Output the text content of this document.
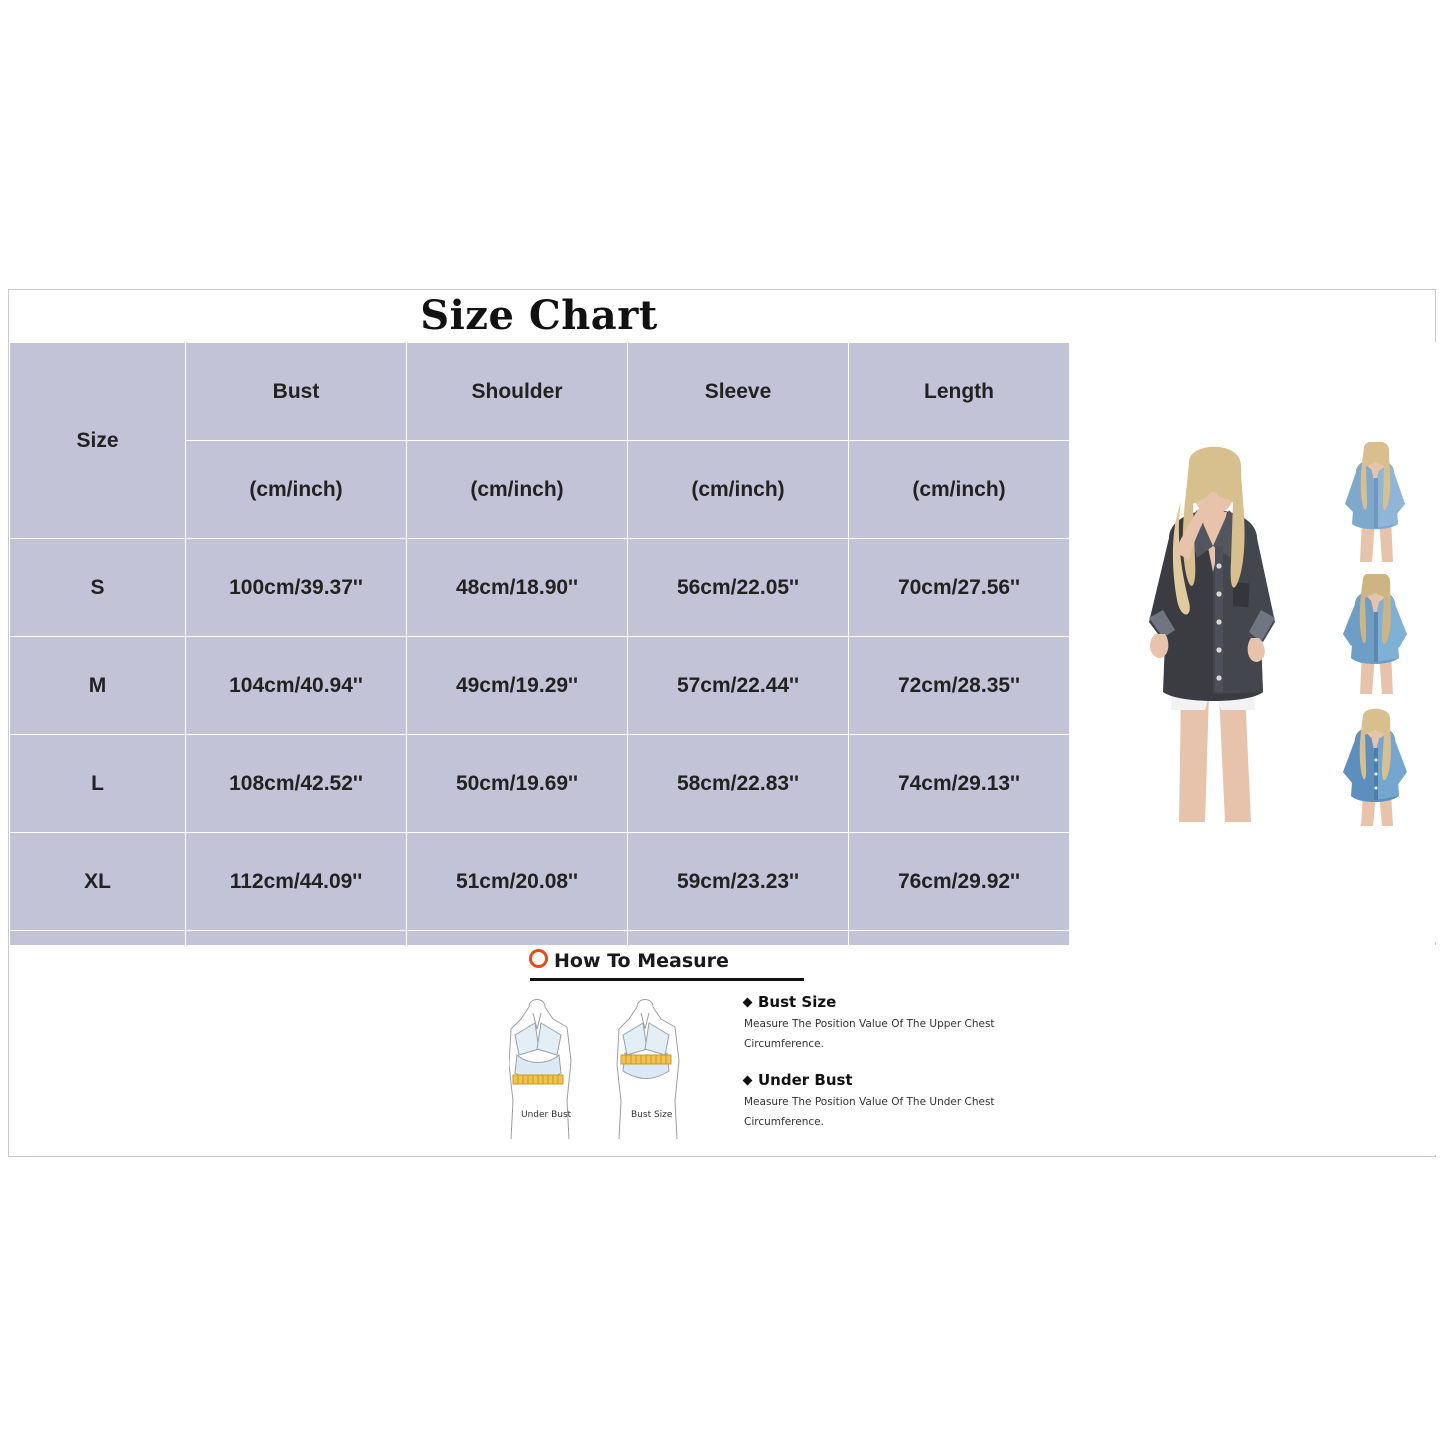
Size Chart
Size	Bust	Shoulder	Sleeve	Length
	(cm/inch)	(cm/inch)	(cm/inch)	(cm/inch)
S	100cm/39.37''	48cm/18.90''	56cm/22.05''	70cm/27.56''
M	104cm/40.94''	49cm/19.29''	57cm/22.44''	72cm/28.35''
L	108cm/42.52''	50cm/19.69''	58cm/22.83''	74cm/29.13''
XL	112cm/44.09''	51cm/20.08''	59cm/23.23''	76cm/29.92''

How To Measure
Under Bust	Bust Size

Bust Size

Measure The Position Value Of The Upper Chest Circumference.

Under Bust

Measure The Position Value Of The Under Chest Circumference.
